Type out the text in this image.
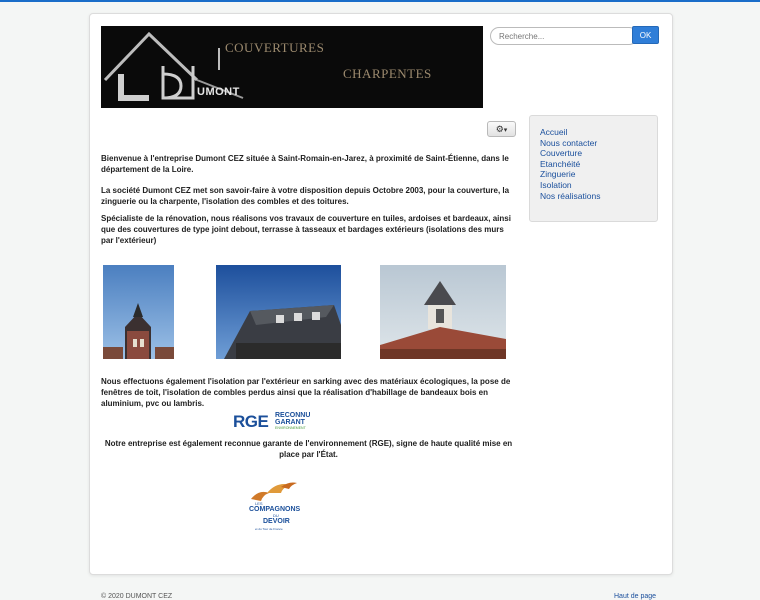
UMONT
COUVERTURES
CHARPENTES
Recherche...
OK
⚙▾	Accueil
Nous contacter
Couverture
Etanchéité
Zinguerie
Isolation
Nos réalisations

Bienvenue à l'entreprise Dumont CEZ située à Saint-Romain-en-Jarez, à proximité de Saint-Étienne, dans le département de la Loire.

La société Dumont CEZ met son savoir-faire à votre disposition depuis Octobre 2003, pour la couverture, la zinguerie ou la charpente, l'isolation des combles et des toitures.

Spécialiste de la rénovation, nous réalisons vos travaux de couverture en tuiles, ardoises et bardeaux, ainsi que des couvertures de type joint debout, terrasse à tasseaux et bardages extérieurs (isolations des murs par l'extérieur)

Nous effectuons également l'isolation par l'extérieur en sarking avec des matériaux écologiques, la pose de fenêtres de toit, l'isolation de combles perdus ainsi que la réalisation d'habillage de bandeaux bois en aluminium, pvc ou lambris.

RGE RECONNU
GARANT
ENVIRONNEMENT

Notre entreprise est également reconnue garante de l'environnement (RGE), signe de haute qualité mise en place par l'État.

LES
COMPAGNONS
DU
DEVOIR
et du Tour de France
© 2020 DUMONT CEZ	Haut de page
